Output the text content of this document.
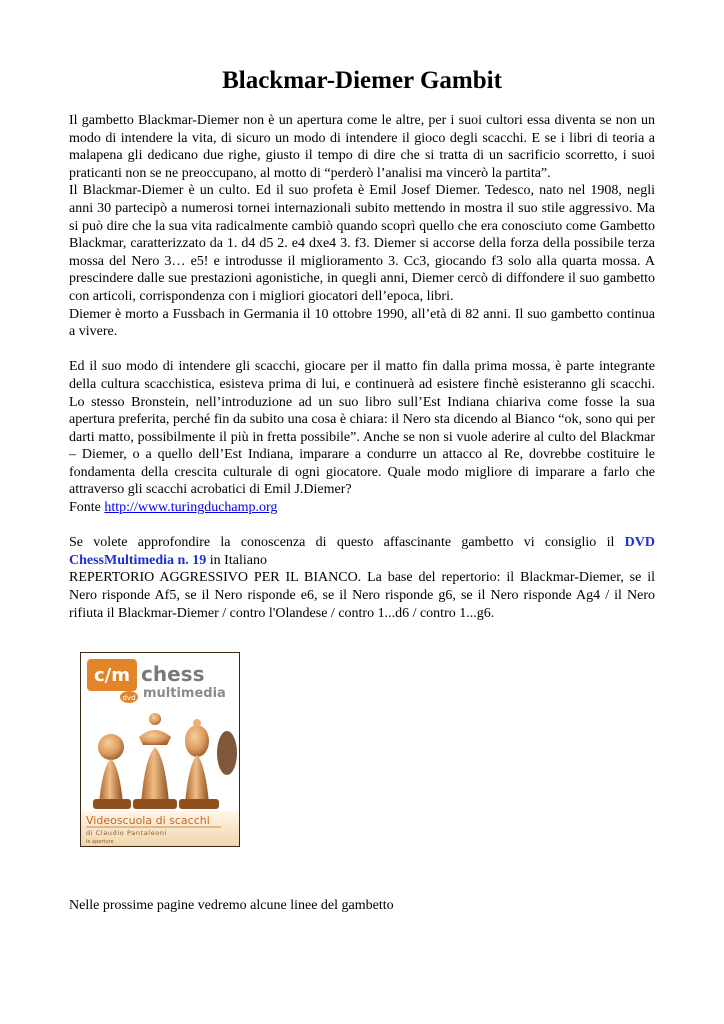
Blackmar-Diemer Gambit

Il gambetto Blackmar-Diemer non è un apertura come le altre, per i suoi cultori essa diventa se non un modo di intendere la vita, di sicuro un modo di intendere il gioco degli scacchi. E se i libri di teoria a malapena gli dedicano due righe, giusto il tempo di dire che si tratta di un sacrificio scorretto, i suoi praticanti non se ne preoccupano, al motto di “perderò l’analisi ma vincerò la partita”.

Il Blackmar-Diemer è un culto. Ed il suo profeta è Emil Josef Diemer. Tedesco, nato nel 1908, negli anni 30 partecipò a numerosi tornei internazionali subito mettendo in mostra il suo stile aggressivo. Ma si può dire che la sua vita radicalmente cambiò quando scoprì quello che era conosciuto come Gambetto Blackmar, caratterizzato da 1. d4 d5 2. e4 dxe4 3. f3. Diemer si accorse della forza della possibile terza mossa del Nero 3… e5! e introdusse il miglioramento 3. Cc3, giocando f3 solo alla quarta mossa. A prescindere dalle sue prestazioni agonistiche, in quegli anni, Diemer cercò di diffondere il suo gambetto con articoli, corrispondenza con i migliori giocatori dell’epoca, libri.

Diemer è morto a Fussbach in Germania il 10 ottobre 1990, all’età di 82 anni. Il suo gambetto continua a vivere.

Ed il suo modo di intendere gli scacchi, giocare per il matto fin dalla prima mossa, è parte integrante della cultura scacchistica, esisteva prima di lui, e continuerà ad esistere finchè esisteranno gli scacchi. Lo stesso Bronstein, nell’introduzione ad un suo libro sull’Est Indiana chiariva come fosse la sua apertura preferita, perché fin da subito una cosa è chiara: il Nero sta dicendo al Bianco “ok, sono qui per darti matto, possibilmente il più in fretta possibile”. Anche se non si vuole aderire al culto del Blackmar – Diemer, o a quello dell’Est Indiana, imparare a condurre un attacco al Re, dovrebbe costituire le fondamenta della crescita culturale di ogni giocatore. Quale modo migliore di imparare a farlo che attraverso gli scacchi acrobatici di Emil J.Diemer?

Fonte http://www.turingduchamp.org

Se volete approfondire la conoscenza di questo affascinante gambetto vi consiglio il DVD ChessMultimedia n. 19 in Italiano

REPERTORIO AGGRESSIVO PER IL BIANCO. La base del repertorio: il Blackmar-Diemer, se il Nero risponde Af5, se il Nero risponde e6, se il Nero risponde g6, se il Nero risponde Ag4 / il Nero rifiuta il Blackmar-Diemer / contro l'Olandese / contro 1...d6 / contro 1...g6.

c/m
dvd
chess
multimedia
Videoscuola di scacchi
di Claudio Pantaleoni
le aperture
Nelle prossime pagine vedremo alcune linee del gambetto
